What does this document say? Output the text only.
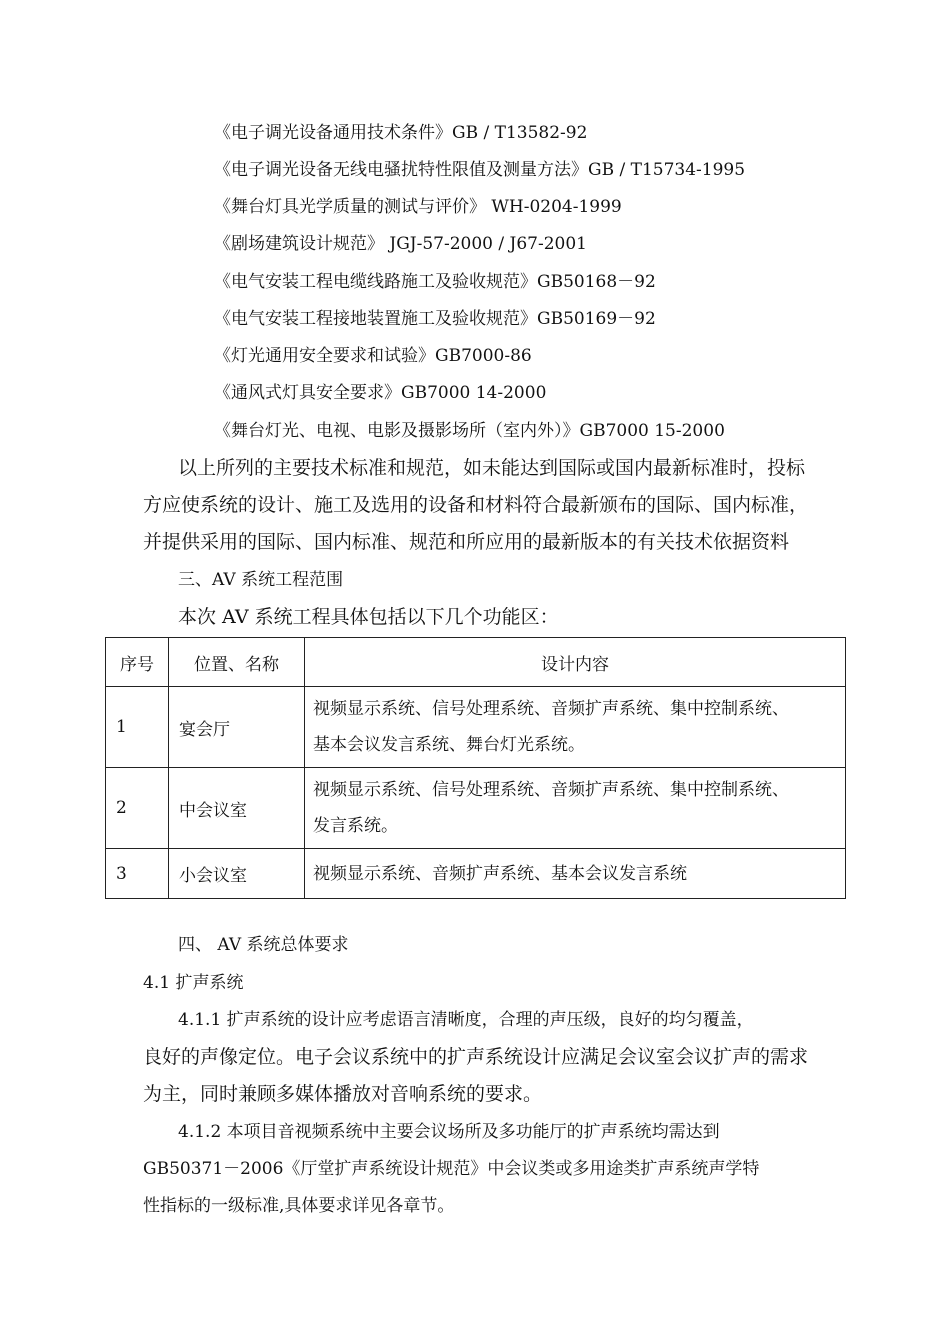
《电子调光设备通用技术条件》GB / T13582-92
《电子调光设备无线电骚扰特性限值及测量方法》GB / T15734-1995
《舞台灯具光学质量的测试与评价》 WH-0204-1999
《剧场建筑设计规范》 JGJ-57-2000 / J67-2001
《电气安装工程电缆线路施工及验收规范》GB50168－92
《电气安装工程接地装置施工及验收规范》GB50169－92
《灯光通用安全要求和试验》GB7000-86
《通风式灯具安全要求》GB7000 14-2000
《舞台灯光、电视、电影及摄影场所（室内外）》GB7000 15-2000
以上所列的主要技术标准和规范，如未能达到国际或国内最新标准时，投标
方应使系统的设计、施工及选用的设备和材料符合最新颁布的国际、国内标准，
并提供采用的国际、国内标准、规范和所应用的最新版本的有关技术依据资料
三、AV 系统工程范围
本次 AV 系统工程具体包括以下几个功能区：
序号	位置、名称	设计内容
1	宴会厅	视频显示系统、信号处理系统、音频扩声系统、集中控制系统、
基本会议发言系统、舞台灯光系统。

2	中会议室	视频显示系统、信号处理系统、音频扩声系统、集中控制系统、
发言系统。

3	小会议室	视频显示系统、音频扩声系统、基本会议发言系统
四、 AV 系统总体要求
4.1 扩声系统
4.1.1 扩声系统的设计应考虑语言清晰度，合理的声压级，良好的均匀覆盖，
良好的声像定位。电子会议系统中的扩声系统设计应满足会议室会议扩声的需求
为主，同时兼顾多媒体播放对音响系统的要求。
4.1.2 本项目音视频系统中主要会议场所及多功能厅的扩声系统均需达到
GB50371－2006《厅堂扩声系统设计规范》中会议类或多用途类扩声系统声学特
性指标的一级标准,具体要求详见各章节。
